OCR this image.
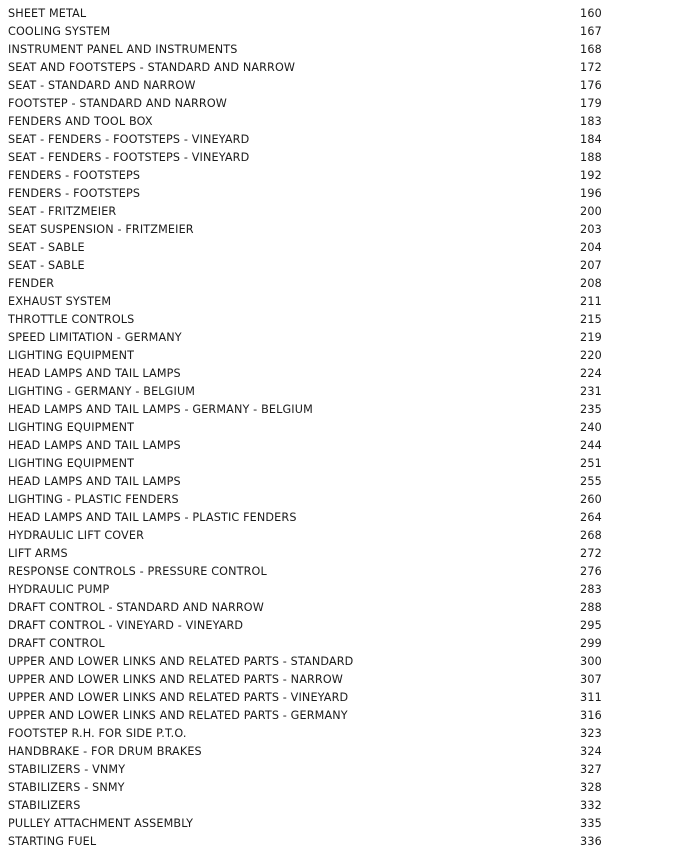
SHEET METAL	160
COOLING SYSTEM	167
INSTRUMENT PANEL AND INSTRUMENTS	168
SEAT AND FOOTSTEPS - STANDARD AND NARROW	172
SEAT - STANDARD AND NARROW	176
FOOTSTEP - STANDARD AND NARROW	179
FENDERS AND TOOL BOX	183
SEAT - FENDERS - FOOTSTEPS - VINEYARD	184
SEAT - FENDERS - FOOTSTEPS - VINEYARD	188
FENDERS - FOOTSTEPS	192
FENDERS - FOOTSTEPS	196
SEAT - FRITZMEIER	200
SEAT SUSPENSION - FRITZMEIER	203
SEAT - SABLE	204
SEAT - SABLE	207
FENDER	208
EXHAUST SYSTEM	211
THROTTLE CONTROLS	215
SPEED LIMITATION - GERMANY	219
LIGHTING EQUIPMENT	220
HEAD LAMPS AND TAIL LAMPS	224
LIGHTING - GERMANY - BELGIUM	231
HEAD LAMPS AND TAIL LAMPS - GERMANY - BELGIUM	235
LIGHTING EQUIPMENT	240
HEAD LAMPS AND TAIL LAMPS	244
LIGHTING EQUIPMENT	251
HEAD LAMPS AND TAIL LAMPS	255
LIGHTING - PLASTIC FENDERS	260
HEAD LAMPS AND TAIL LAMPS - PLASTIC FENDERS	264
HYDRAULIC LIFT COVER	268
LIFT ARMS	272
RESPONSE CONTROLS - PRESSURE CONTROL	276
HYDRAULIC PUMP	283
DRAFT CONTROL - STANDARD AND NARROW	288
DRAFT CONTROL - VINEYARD - VINEYARD	295
DRAFT CONTROL	299
UPPER AND LOWER LINKS AND RELATED PARTS - STANDARD	300
UPPER AND LOWER LINKS AND RELATED PARTS - NARROW	307
UPPER AND LOWER LINKS AND RELATED PARTS - VINEYARD	311
UPPER AND LOWER LINKS AND RELATED PARTS - GERMANY	316
FOOTSTEP R.H. FOR SIDE P.T.O.	323
HANDBRAKE - FOR DRUM BRAKES	324
STABILIZERS - VNMY	327
STABILIZERS - SNMY	328
STABILIZERS	332
PULLEY ATTACHMENT ASSEMBLY	335
STARTING FUEL	336
